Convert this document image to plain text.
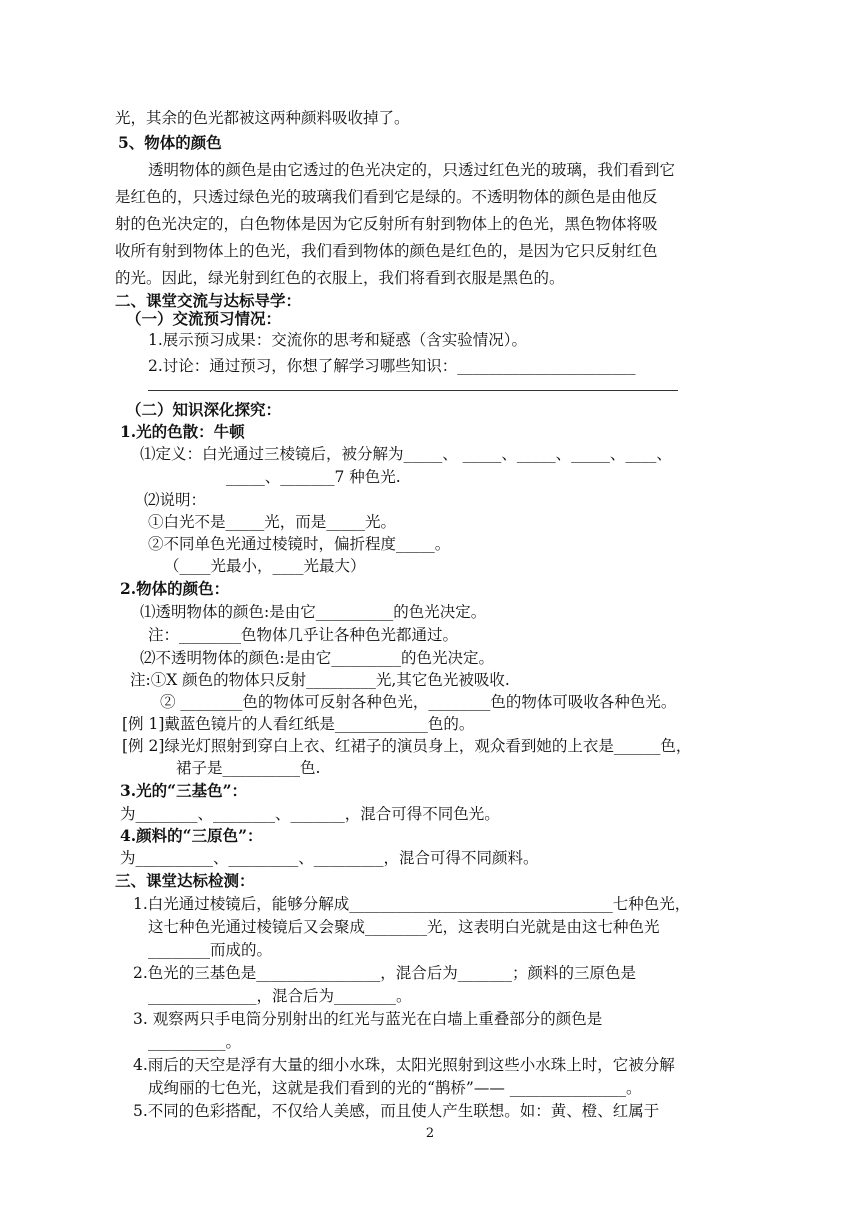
光，其余的色光都被这两种颜料吸收掉了。
5、物体的颜色
透明物体的颜色是由它透过的色光决定的，只透过红色光的玻璃，我们看到它
是红色的，只透过绿色光的玻璃我们看到它是绿的。不透明物体的颜色是由他反
射的色光决定的，白色物体是因为它反射所有射到物体上的色光，黑色物体将吸
收所有射到物体上的色光，我们看到物体的颜色是红色的，是因为它只反射红色
的光。因此，绿光射到红色的衣服上，我们将看到衣服是黑色的。
二、课堂交流与达标导学：
（一）交流预习情况：
1.展示预习成果：交流你的思考和疑惑（含实验情况）。
2.讨论：通过预习，你想了解学习哪些知识：_______________________
（二）知识深化探究：
1.光的色散：牛顿
⑴定义：白光通过三棱镜后，被分解为_____、 _____、_____、_____、____、
_____、_______7 种色光.
⑵说明：
①白光不是_____光，而是_____光。
②不同单色光通过棱镜时，偏折程度_____。
（____光最小，____光最大）
2.物体的颜色：
⑴透明物体的颜色:是由它__________的色光决定。
注：________色物体几乎让各种色光都通过。
⑵不透明物体的颜色:是由它_________的色光决定。
注:①X 颜色的物体只反射_________光,其它色光被吸收.
② ________色的物体可反射各种色光，________色的物体可吸收各种色光。
[例 1]戴蓝色镜片的人看红纸是____________色的。
[例 2]绿光灯照射到穿白上衣、红裙子的演员身上，观众看到她的上衣是______色，
裙子是__________色.
3.光的“三基色”：
为________、________、_______，混合可得不同色光。
4.颜料的“三原色”：
为__________、_________、_________，混合可得不同颜料。
三、课堂达标检测：
1.白光通过棱镜后，能够分解成__________________________________七种色光，
这七种色光通过棱镜后又会聚成________光，这表明白光就是由这七种色光
________而成的。
2.色光的三基色是________________，混合后为_______；颜料的三原色是
______________，混合后为________。
3. 观察两只手电筒分别射出的红光与蓝光在白墙上重叠部分的颜色是
__________。
4.雨后的天空是浮有大量的细小水珠，太阳光照射到这些小水珠上时，它被分解
成绚丽的七色光，这就是我们看到的光的“鹊桥”—— _______________。
5.不同的色彩搭配，不仅给人美感，而且使人产生联想。如：黄、橙、红属于
2
